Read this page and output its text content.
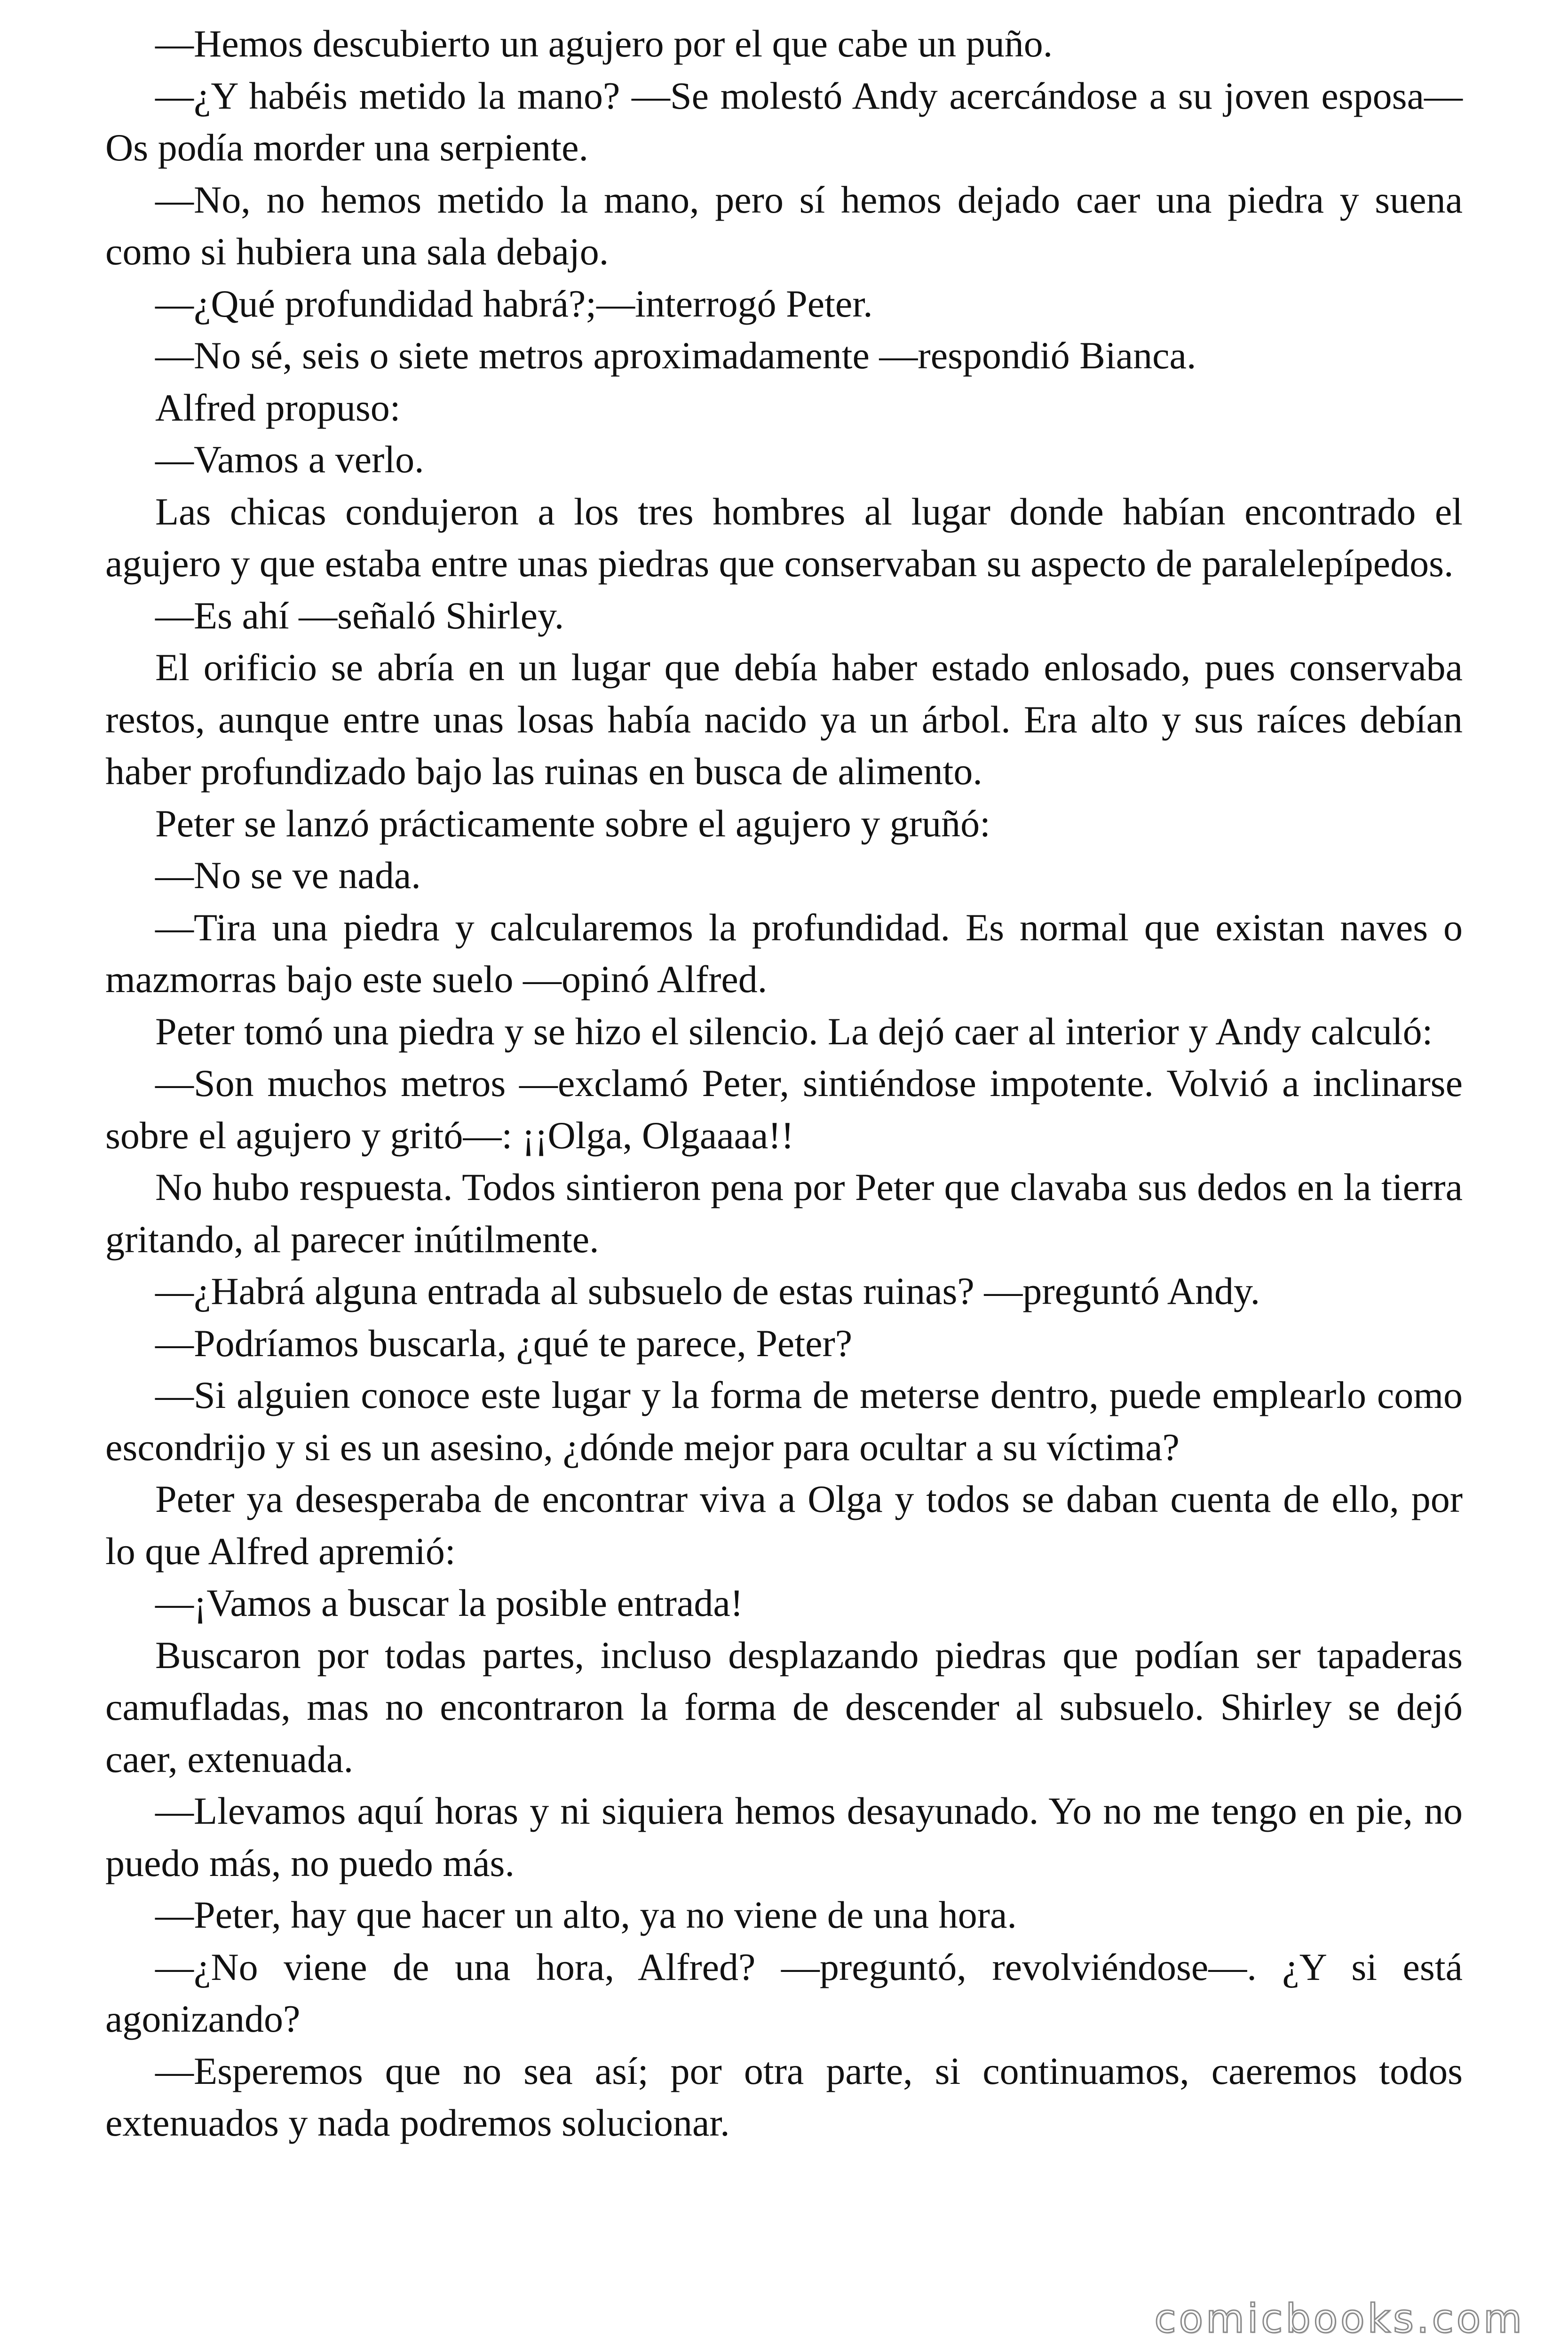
—Hemos descubierto un agujero por el que cabe un puño.

—¿Y habéis metido la mano? —Se molestó Andy acercándose a su joven esposa— Os podía morder una serpiente.

—No, no hemos metido la mano, pero sí hemos dejado caer una piedra y suena como si hubiera una sala debajo.

—¿Qué profundidad habrá?;—interrogó Peter.

—No sé, seis o siete metros aproximadamente —respondió Bianca.

Alfred propuso:

—Vamos a verlo.

Las chicas condujeron a los tres hombres al lugar donde habían encontrado el agujero y que estaba entre unas piedras que conservaban su aspecto de paralelepípedos.

—Es ahí —señaló Shirley.

El orificio se abría en un lugar que debía haber estado enlosado, pues conservaba restos, aunque entre unas losas había nacido ya un árbol. Era alto y sus raíces debían haber profundizado bajo las ruinas en busca de alimento.

Peter se lanzó prácticamente sobre el agujero y gruñó:

—No se ve nada.

—Tira una piedra y calcularemos la profundidad. Es normal que existan naves o mazmorras bajo este suelo —opinó Alfred.

Peter tomó una piedra y se hizo el silencio. La dejó caer al interior y Andy calculó:

—Son muchos metros —exclamó Peter, sintiéndose impotente. Volvió a inclinarse sobre el agujero y gritó—: ¡¡Olga, Olgaaaa!!

No hubo respuesta. Todos sintieron pena por Peter que clavaba sus dedos en la tierra gritando, al parecer inútilmente.

—¿Habrá alguna entrada al subsuelo de estas ruinas? —preguntó Andy.

—Podríamos buscarla, ¿qué te parece, Peter?

—Si alguien conoce este lugar y la forma de meterse dentro, puede emplearlo como escondrijo y si es un asesino, ¿dónde mejor para ocultar a su víctima?

Peter ya desesperaba de encontrar viva a Olga y todos se daban cuenta de ello, por lo que Alfred apremió:

—¡Vamos a buscar la posible entrada!

Buscaron por todas partes, incluso desplazando piedras que podían ser tapaderas camufladas, mas no encontraron la forma de descender al subsuelo. Shirley se dejó caer, extenuada.

—Llevamos aquí horas y ni siquiera hemos desayunado. Yo no me tengo en pie, no puedo más, no puedo más.

—Peter, hay que hacer un alto, ya no viene de una hora.

—¿No viene de una hora, Alfred? —preguntó, revolviéndose—. ¿Y si está agonizando?

—Esperemos que no sea así; por otra parte, si continuamos, caeremos todos extenuados y nada podremos solucionar.

comicbooks.com
